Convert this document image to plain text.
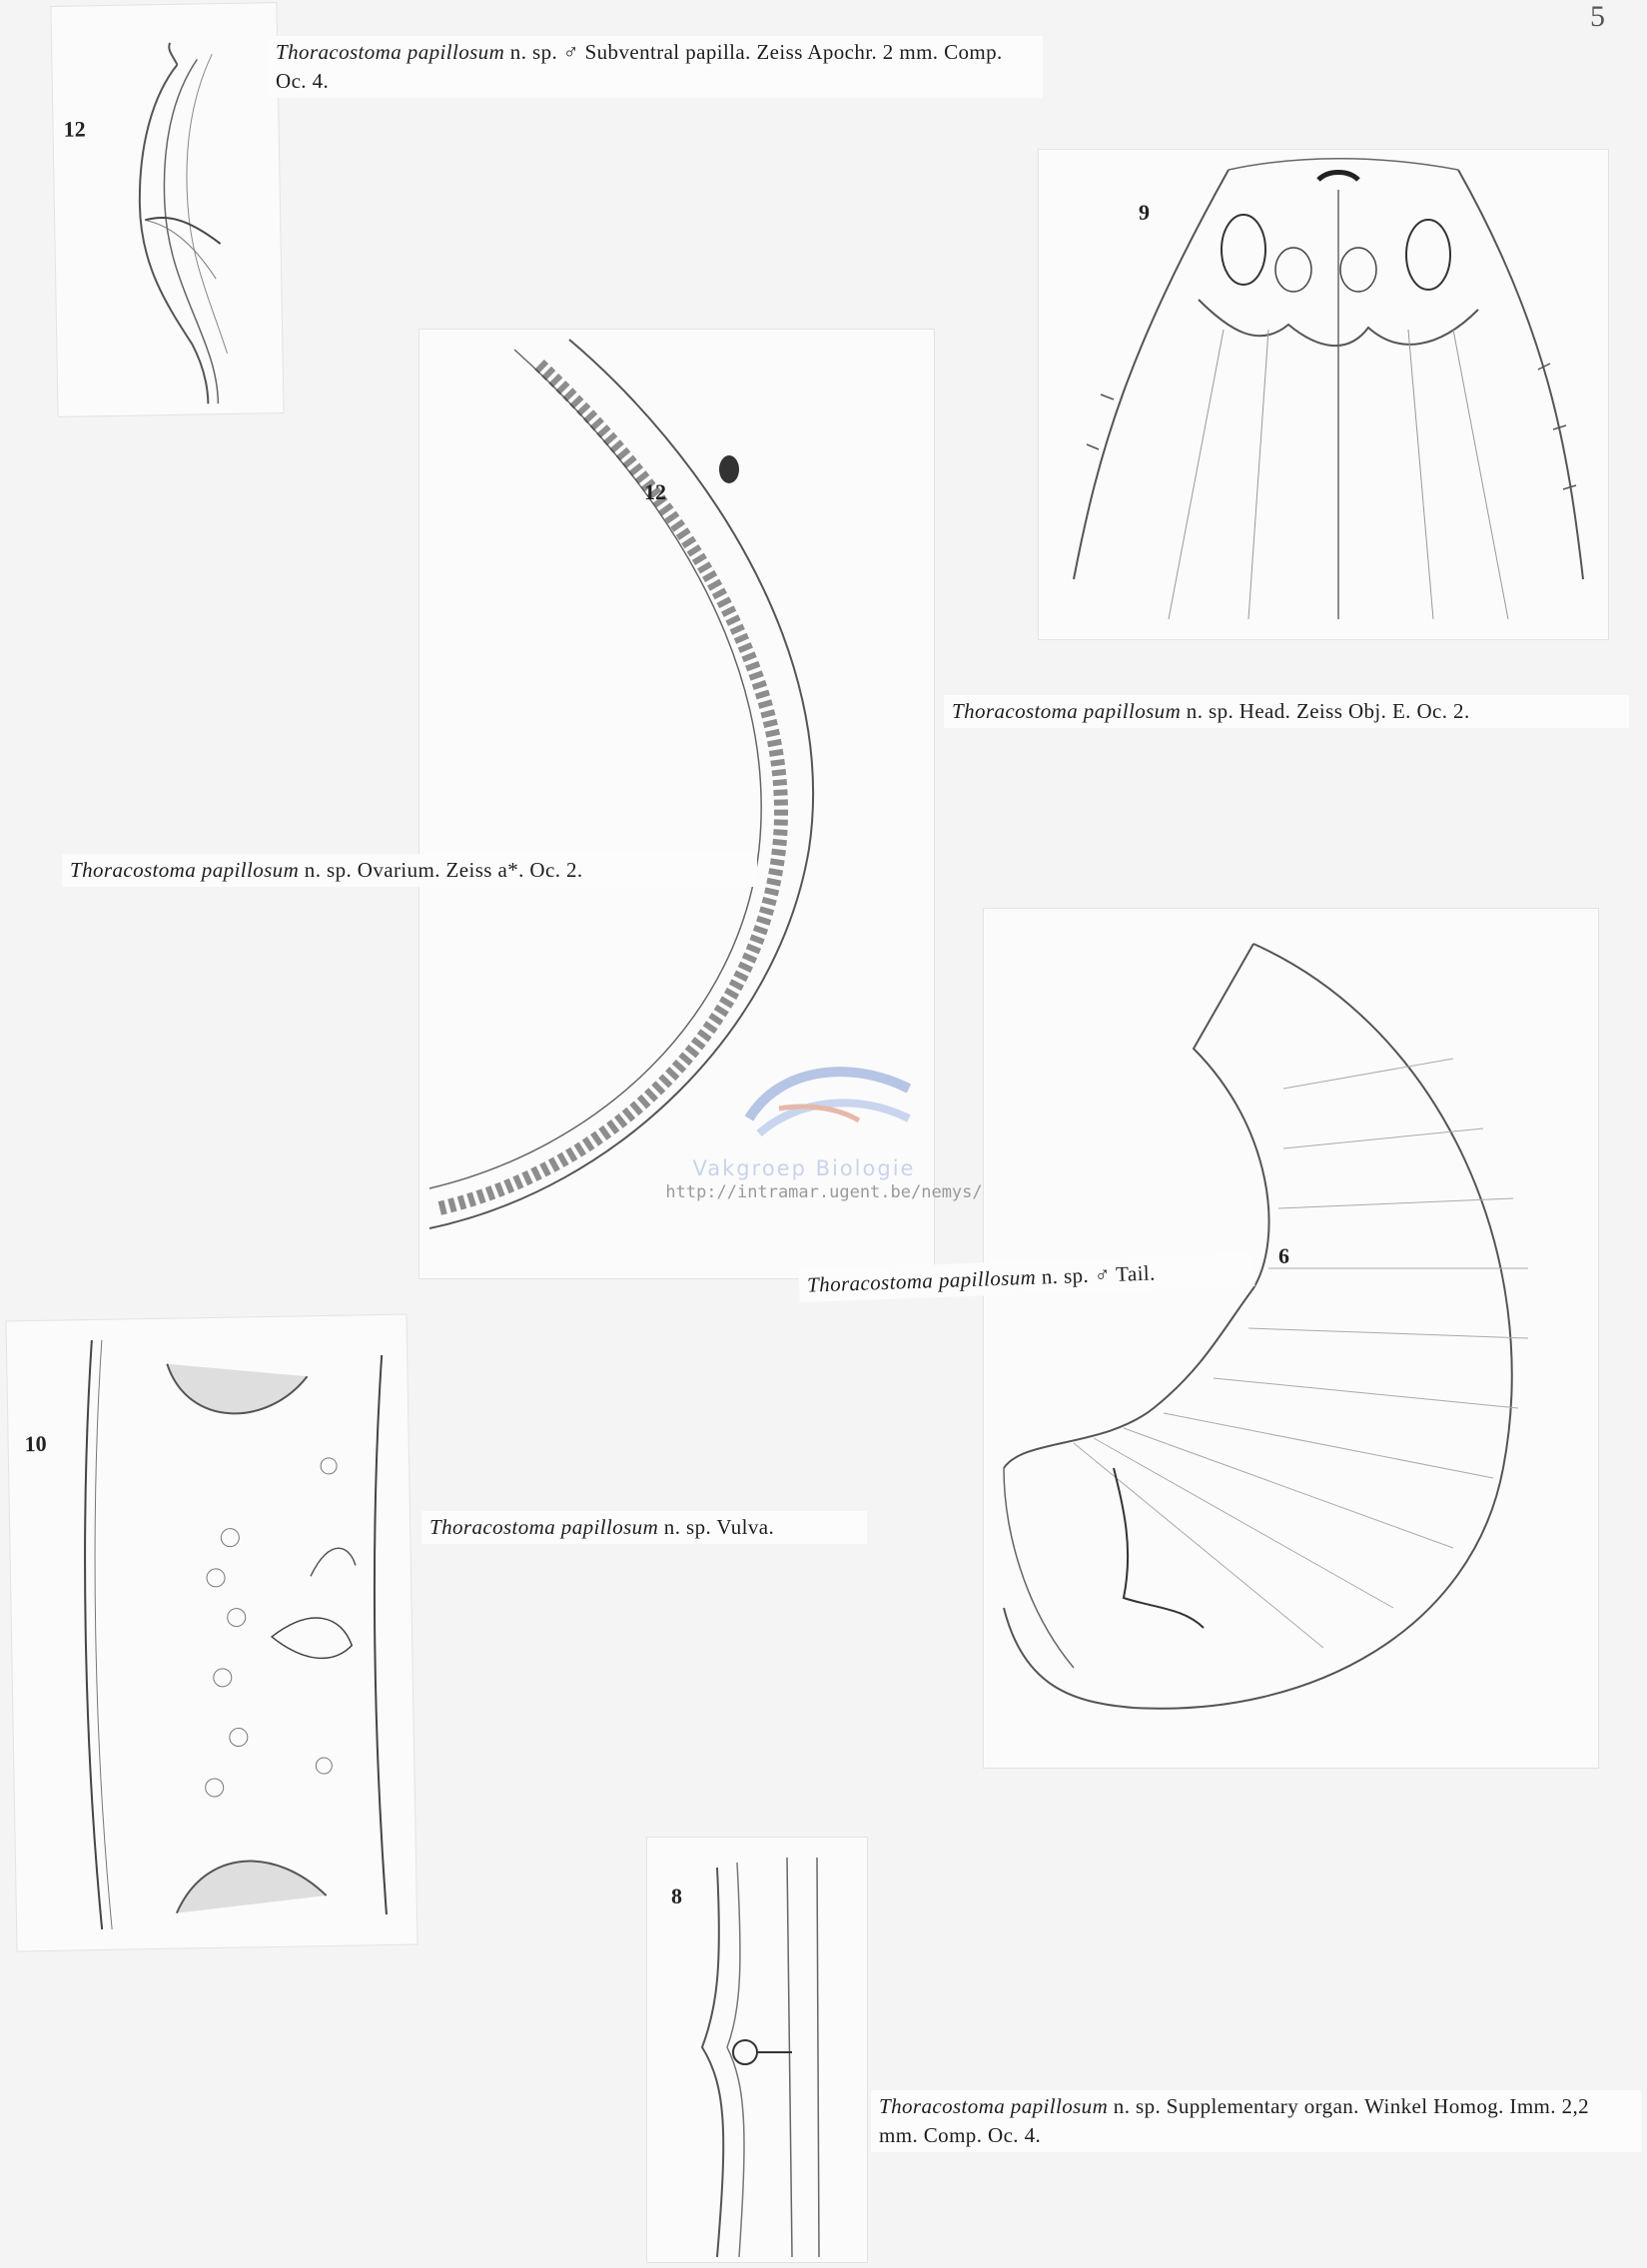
5
12
Thoracostoma papillosum n. sp. ♂ Subventral papilla. Zeiss Apochr. 2 mm. Comp. Oc. 4.
9
Thoracostoma papillosum n. sp. Head. Zeiss Obj. E. Oc. 2.
12
Thoracostoma papillosum n. sp. Ovarium. Zeiss a*. Oc. 2.
6
Thoracostoma papillosum n. sp. ♂ Tail.
10
Thoracostoma papillosum n. sp. Vulva.
8
Thoracostoma papillosum n. sp. Supplementary organ. Winkel Homog. Imm. 2,2 mm. Comp. Oc. 4.
Vakgroep Biologie
http://intramar.ugent.be/nemys/
